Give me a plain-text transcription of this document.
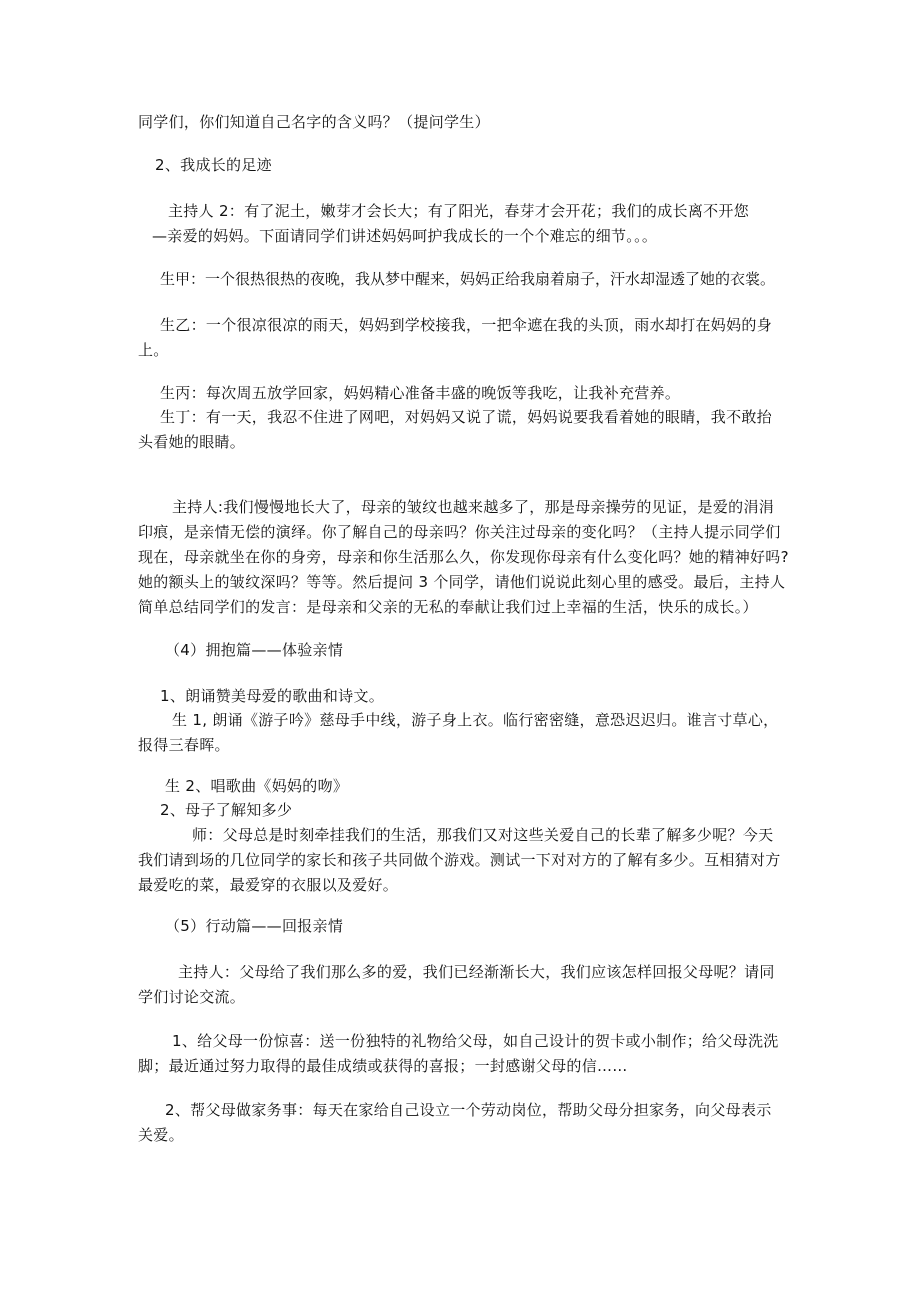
同学们，你们知道自己名字的含义吗？（提问学生）

2、我成长的足迹

主持人 2：有了泥土，嫩芽才会长大；有了阳光，春芽才会开花；我们的成长离不开您
—亲爱的妈妈。下面请同学们讲述妈妈呵护我成长的一个个难忘的细节。。。

生甲：一个很热很热的夜晚，我从梦中醒来，妈妈正给我扇着扇子，汗水却湿透了她的衣裳。

生乙：一个很凉很凉的雨天，妈妈到学校接我，一把伞遮在我的头顶，雨水却打在妈妈的身
上。

生丙：每次周五放学回家，妈妈精心准备丰盛的晚饭等我吃，让我补充营养。

生丁：有一天，我忍不住进了网吧，对妈妈又说了谎，妈妈说要我看着她的眼睛，我不敢抬
头看她的眼睛。

主持人:我们慢慢地长大了，母亲的皱纹也越来越多了，那是母亲操劳的见证，是爱的涓涓
印痕，是亲情无偿的演绎。你了解自己的母亲吗？你关注过母亲的变化吗？（主持人提示同学们
现在，母亲就坐在你的身旁，母亲和你生活那么久，你发现你母亲有什么变化吗？她的精神好吗?
她的额头上的皱纹深吗？等等。然后提问 3 个同学，请他们说说此刻心里的感受。最后，主持人
简单总结同学们的发言：是母亲和父亲的无私的奉献让我们过上幸福的生活，快乐的成长。）

（4）拥抱篇——体验亲情

1、朗诵赞美母爱的歌曲和诗文。

生 1, 朗诵《游子吟》慈母手中线，游子身上衣。临行密密缝，意恐迟迟归。谁言寸草心，
报得三春晖。

生 2、唱歌曲《妈妈的吻》

2、母子了解知多少

师：父母总是时刻牵挂我们的生活，那我们又对这些关爱自己的长辈了解多少呢？今天
我们请到场的几位同学的家长和孩子共同做个游戏。测试一下对对方的了解有多少。互相猜对方
最爱吃的菜，最爱穿的衣服以及爱好。

（5）行动篇——回报亲情

主持人：父母给了我们那么多的爱，我们已经渐渐长大，我们应该怎样回报父母呢？请同
学们讨论交流。

1、给父母一份惊喜：送一份独特的礼物给父母，如自己设计的贺卡或小制作；给父母洗洗
脚；最近通过努力取得的最佳成绩或获得的喜报；一封感谢父母的信……

2、帮父母做家务事：每天在家给自己设立一个劳动岗位，帮助父母分担家务，向父母表示
关爱。
